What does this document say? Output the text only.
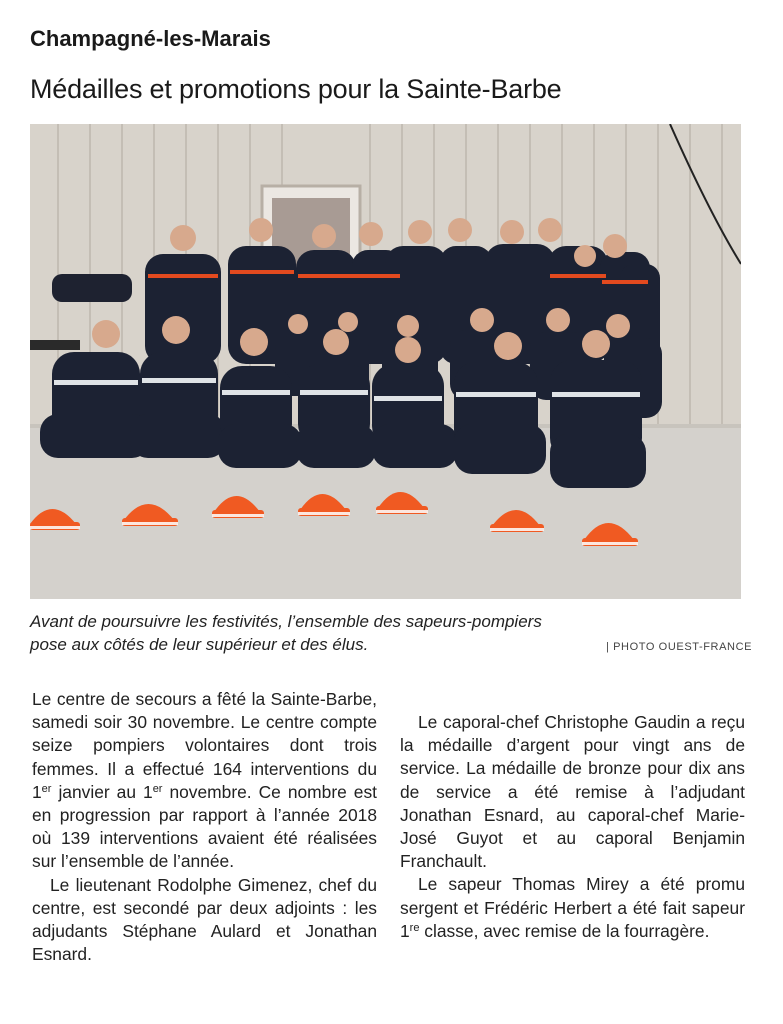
Champagné-les-Marais
Médailles et promotions pour la Sainte-Barbe
Avant de poursuivre les festivités, l’ensemble des sapeurs-pompiers
pose aux côtés de leur supérieur et des élus.	| PHOTO OUEST-FRANCE

Le centre de secours a fêté la Sainte-Barbe, samedi soir 30 novembre. Le centre compte seize pompiers volontaires dont trois femmes. Il a effectué 164 interventions du 1er janvier au 1er novembre. Ce nombre est en progression par rapport à l’année 2018 où 139 interventions avaient été réalisées sur l’ensemble de l’année.

Le lieutenant Rodolphe Gimenez, chef du centre, est secondé par deux adjoints : les adjudants Stéphane Aulard et Jonathan Esnard.

Le caporal-chef Christophe Gaudin a reçu la médaille d’argent pour vingt ans de service. La médaille de bronze pour dix ans de service a été remise à l’adjudant Jonathan Esnard, au caporal-chef Marie-José Guyot et au caporal Benjamin Franchault.

Le sapeur Thomas Mirey a été promu sergent et Frédéric Herbert a été fait sapeur 1re classe, avec remise de la fourragère.
